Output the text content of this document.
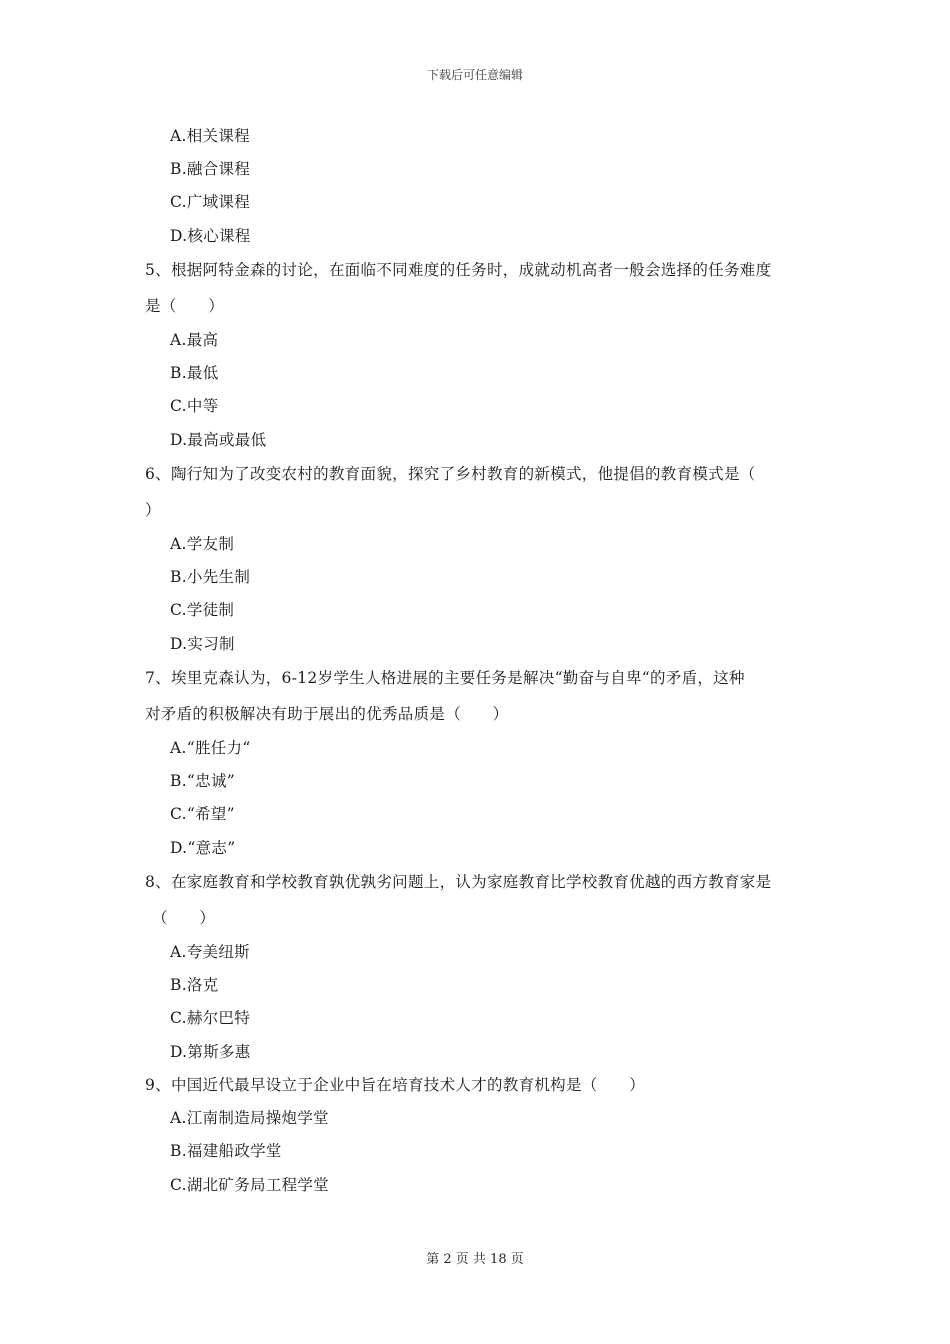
下载后可任意编辑
A.相关课程
B.融合课程
C.广域课程
D.核心课程
5、根据阿特金森的讨论，在面临不同难度的任务时，成就动机高者一般会选择的任务难度
是（　　）
A.最高
B.最低
C.中等
D.最高或最低
6、陶行知为了改变农村的教育面貌，探究了乡村教育的新模式，他提倡的教育模式是（
）
A.学友制
B.小先生制
C.学徒制
D.实习制
7、埃里克森认为，6-12岁学生人格进展的主要任务是解决“勤奋与自卑“的矛盾，这种
对矛盾的积极解决有助于展出的优秀品质是（　　）
A.“胜任力“
B.“忠诚”
C.“希望”
D.“意志”
8、在家庭教育和学校教育孰优孰劣问题上，认为家庭教育比学校教育优越的西方教育家是
（　　）
A.夸美纽斯
B.洛克
C.赫尔巴特
D.第斯多惠
9、中国近代最早设立于企业中旨在培育技术人才的教育机构是（　　）
A.江南制造局操炮学堂
B.福建船政学堂
C.湖北矿务局工程学堂
第 2 页 共 18 页
